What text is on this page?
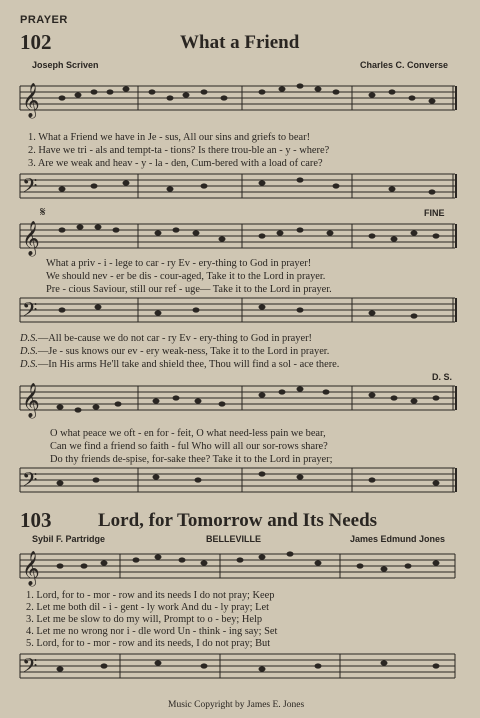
PRAYER
102	What a Friend
Joseph Scriven	Charles C. Converse
𝄞
1. What a Friend we have in Je - sus, All our sins and griefs to bear!
2. Have we tri - als and tempt-ta - tions? Is there trou-ble an - y - where?
3. Are we weak and heav - y - la - den, Cum-bered with a load of care?
𝄢
FINE
𝄋
𝄞
What a priv - i - lege to car - ry Ev - ery-thing to God in prayer!
We should nev - er be dis - cour-aged, Take it to the Lord in prayer.
Pre - cious Saviour, still our ref - uge— Take it to the Lord in prayer.
𝄢
D.S.—All be-cause we do not car - ry Ev - ery-thing to God in prayer!
D.S.—Je - sus knows our ev - ery weak-ness, Take it to the Lord in prayer.
D.S.—In His arms He'll take and shield thee, Thou will find a sol - ace there.
D. S.
𝄞
O what peace we oft - en for - feit, O what need-less pain we bear,
Can we find a friend so faith - ful Who will all our sor-rows share?
Do thy friends de-spise, for-sake thee? Take it to the Lord in prayer;
𝄢
103 Lord, for Tomorrow and Its Needs
Sybil F. Partridge	BELLEVILLE	James Edmund Jones
𝄞
1. Lord, for to - mor - row and its needs I do not pray; Keep
2. Let me both dil - i - gent - ly work And du - ly pray; Let
3. Let me be slow to do my will, Prompt to o - bey; Help
4. Let me no wrong nor i - dle word Un - think - ing say; Set
5. Lord, for to - mor - row and its needs, I do not pray; But
𝄢
Music Copyright by James E. Jones
